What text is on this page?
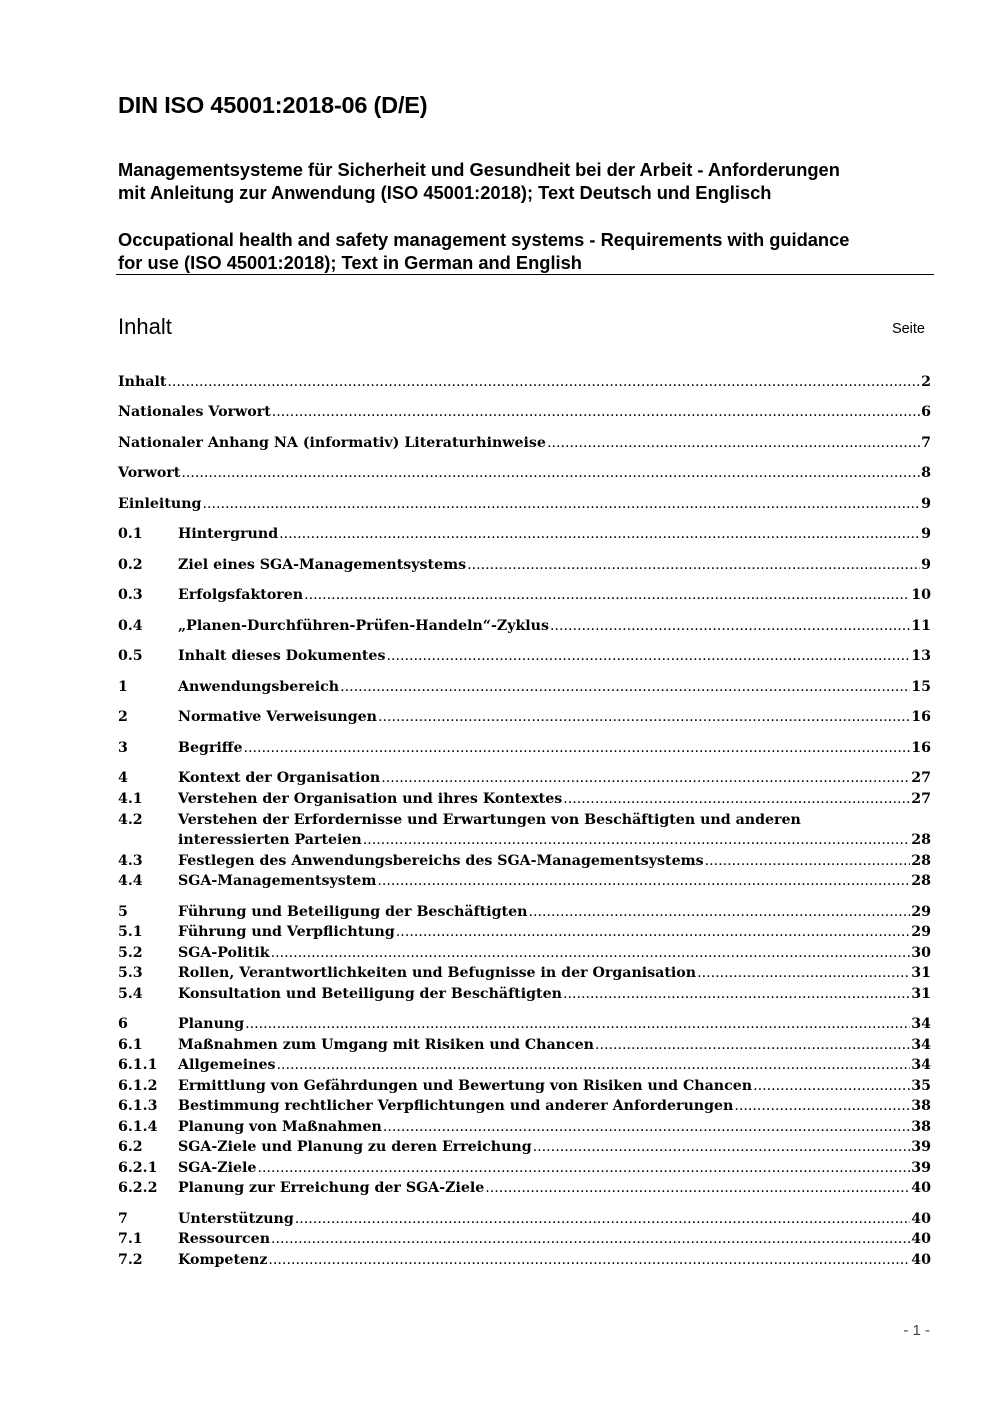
DIN ISO 45001:2018-06 (D/E)
Managementsysteme für Sicherheit und Gesundheit bei der Arbeit - Anforderungen
mit Anleitung zur Anwendung (ISO 45001:2018); Text Deutsch und Englisch
Occupational health and safety management systems - Requirements with guidance
for use (ISO 45001:2018); Text in German and English
Inhalt	Seite
Inhalt .....	2
Nationales Vorwort .....	6
Nationaler Anhang NA (informativ) Literaturhinweise .....	7
Vorwort .....	8
Einleitung .....	9
0.1 Hintergrund .....	9
0.2 Ziel eines SGA-Managementsystems .....	9
0.3 Erfolgsfaktoren .....	10
0.4 „Planen-Durchführen-Prüfen-Handeln“-Zyklus .....	11
0.5 Inhalt dieses Dokumentes .....	13
1	Anwendungsbereich .....	15
2	Normative Verweisungen .....	16
3	Begriffe .....	16
4	Kontext der Organisation .....	27
4.1 Verstehen der Organisation und ihres Kontextes .....	27
4.2 Verstehen der Erfordernisse und Erwartungen von Beschäftigten und anderen
interessierten Parteien .....	28
4.3 Festlegen des Anwendungsbereichs des SGA-Managementsystems .....	28
4.4 SGA-Managementsystem .....	28
5	Führung und Beteiligung der Beschäftigten .....	29
5.1 Führung und Verpflichtung .....	29
5.2 SGA-Politik .....	30
5.3 Rollen, Verantwortlichkeiten und Befugnisse in der Organisation .....	31
5.4 Konsultation und Beteiligung der Beschäftigten .....	31
6	Planung .....	34
6.1 Maßnahmen zum Umgang mit Risiken und Chancen .....	34
6.1.1 Allgemeines .....	34
6.1.2 Ermittlung von Gefährdungen und Bewertung von Risiken und Chancen .....	35
6.1.3 Bestimmung rechtlicher Verpflichtungen und anderer Anforderungen .....	38
6.1.4 Planung von Maßnahmen .....	38
6.2 SGA-Ziele und Planung zu deren Erreichung .....	39
6.2.1 SGA-Ziele .....	39
6.2.2 Planung zur Erreichung der SGA-Ziele .....	40
7	Unterstützung .....	40
7.1 Ressourcen .....	40
7.2 Kompetenz .....	40
- 1 -
